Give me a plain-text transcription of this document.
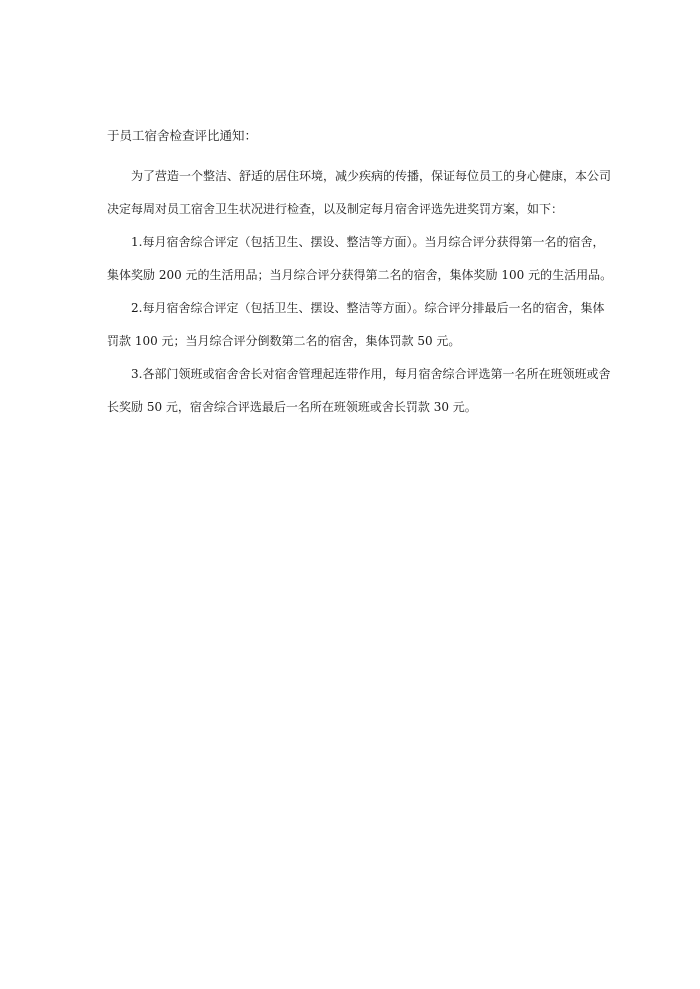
于员工宿舍检查评比通知：

为了营造一个整洁、舒适的居住环境，减少疾病的传播，保证每位员工的身心健康，本公司
决定每周对员工宿舍卫生状况进行检查，以及制定每月宿舍评选先进奖罚方案，如下：
1.每月宿舍综合评定（包括卫生、摆设、整洁等方面）。当月综合评分获得第一名的宿舍，
集体奖励 200 元的生活用品；当月综合评分获得第二名的宿舍，集体奖励 100 元的生活用品。
2.每月宿舍综合评定（包括卫生、摆设、整洁等方面）。综合评分排最后一名的宿舍，集体
罚款 100 元；当月综合评分倒数第二名的宿舍，集体罚款 50 元。
3.各部门领班或宿舍舍长对宿舍管理起连带作用，每月宿舍综合评选第一名所在班领班或舍
长奖励 50 元，宿舍综合评选最后一名所在班领班或舍长罚款 30 元。
